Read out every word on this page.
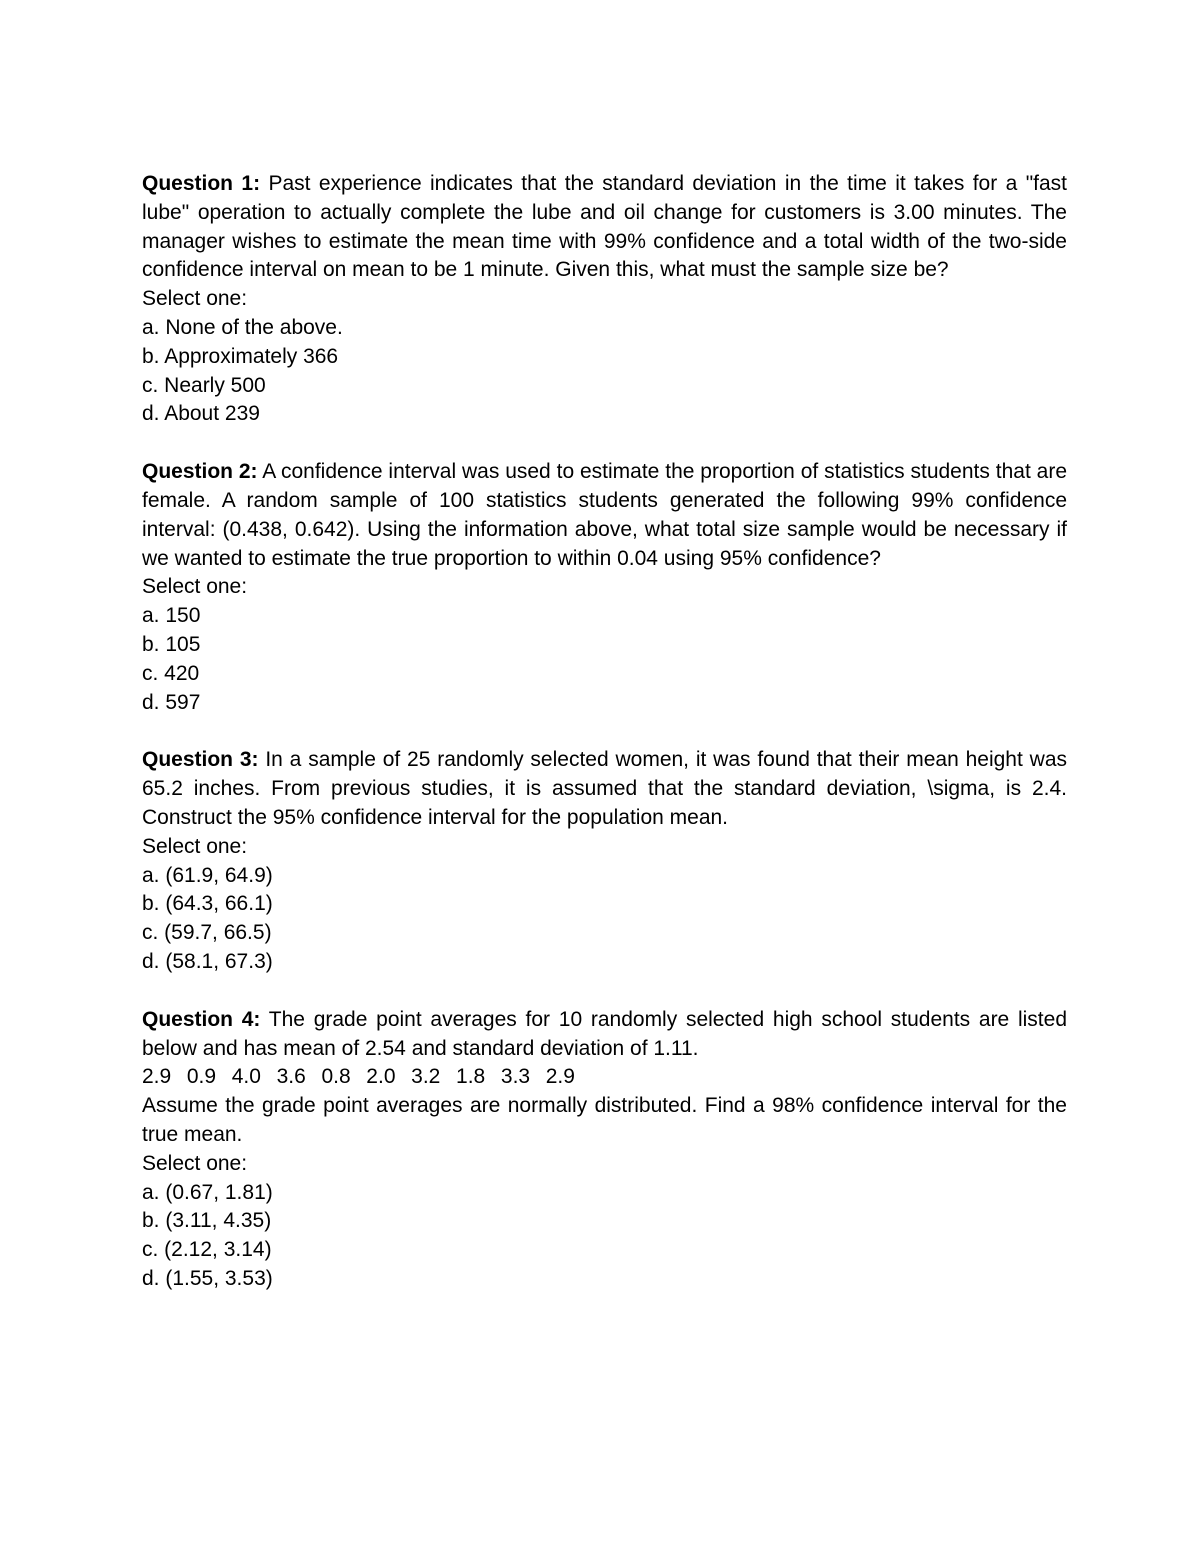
Question 1: Past experience indicates that the standard deviation in the time it takes for a "fast lube" operation to actually complete the lube and oil change for customers is 3.00 minutes. The manager wishes to estimate the mean time with 99% confidence and a total width of the two-side confidence interval on mean to be 1 minute. Given this, what must the sample size be?
Select one:
a. None of the above.
b. Approximately 366
c. Nearly 500
d. About 239
Question 2: A confidence interval was used to estimate the proportion of statistics students that are female. A random sample of 100 statistics students generated the following 99% confidence interval: (0.438, 0.642). Using the information above, what total size sample would be necessary if we wanted to estimate the true proportion to within 0.04 using 95% confidence?
Select one:
a. 150
b. 105
c. 420
d. 597
Question 3: In a sample of 25 randomly selected women, it was found that their mean height was 65.2 inches. From previous studies, it is assumed that the standard deviation, \sigma, is 2.4. Construct the 95% confidence interval for the population mean.
Select one:
a. (61.9, 64.9)
b. (64.3, 66.1)
c. (59.7, 66.5)
d. (58.1, 67.3)
Question 4: The grade point averages for 10 randomly selected high school students are listed below and has mean of 2.54 and standard deviation of 1.11.
2.9  0.9  4.0  3.6  0.8  2.0  3.2  1.8  3.3  2.9
Assume the grade point averages are normally distributed. Find a 98% confidence interval for the true mean.
Select one:
a. (0.67, 1.81)
b. (3.11, 4.35)
c. (2.12, 3.14)
d. (1.55, 3.53)
